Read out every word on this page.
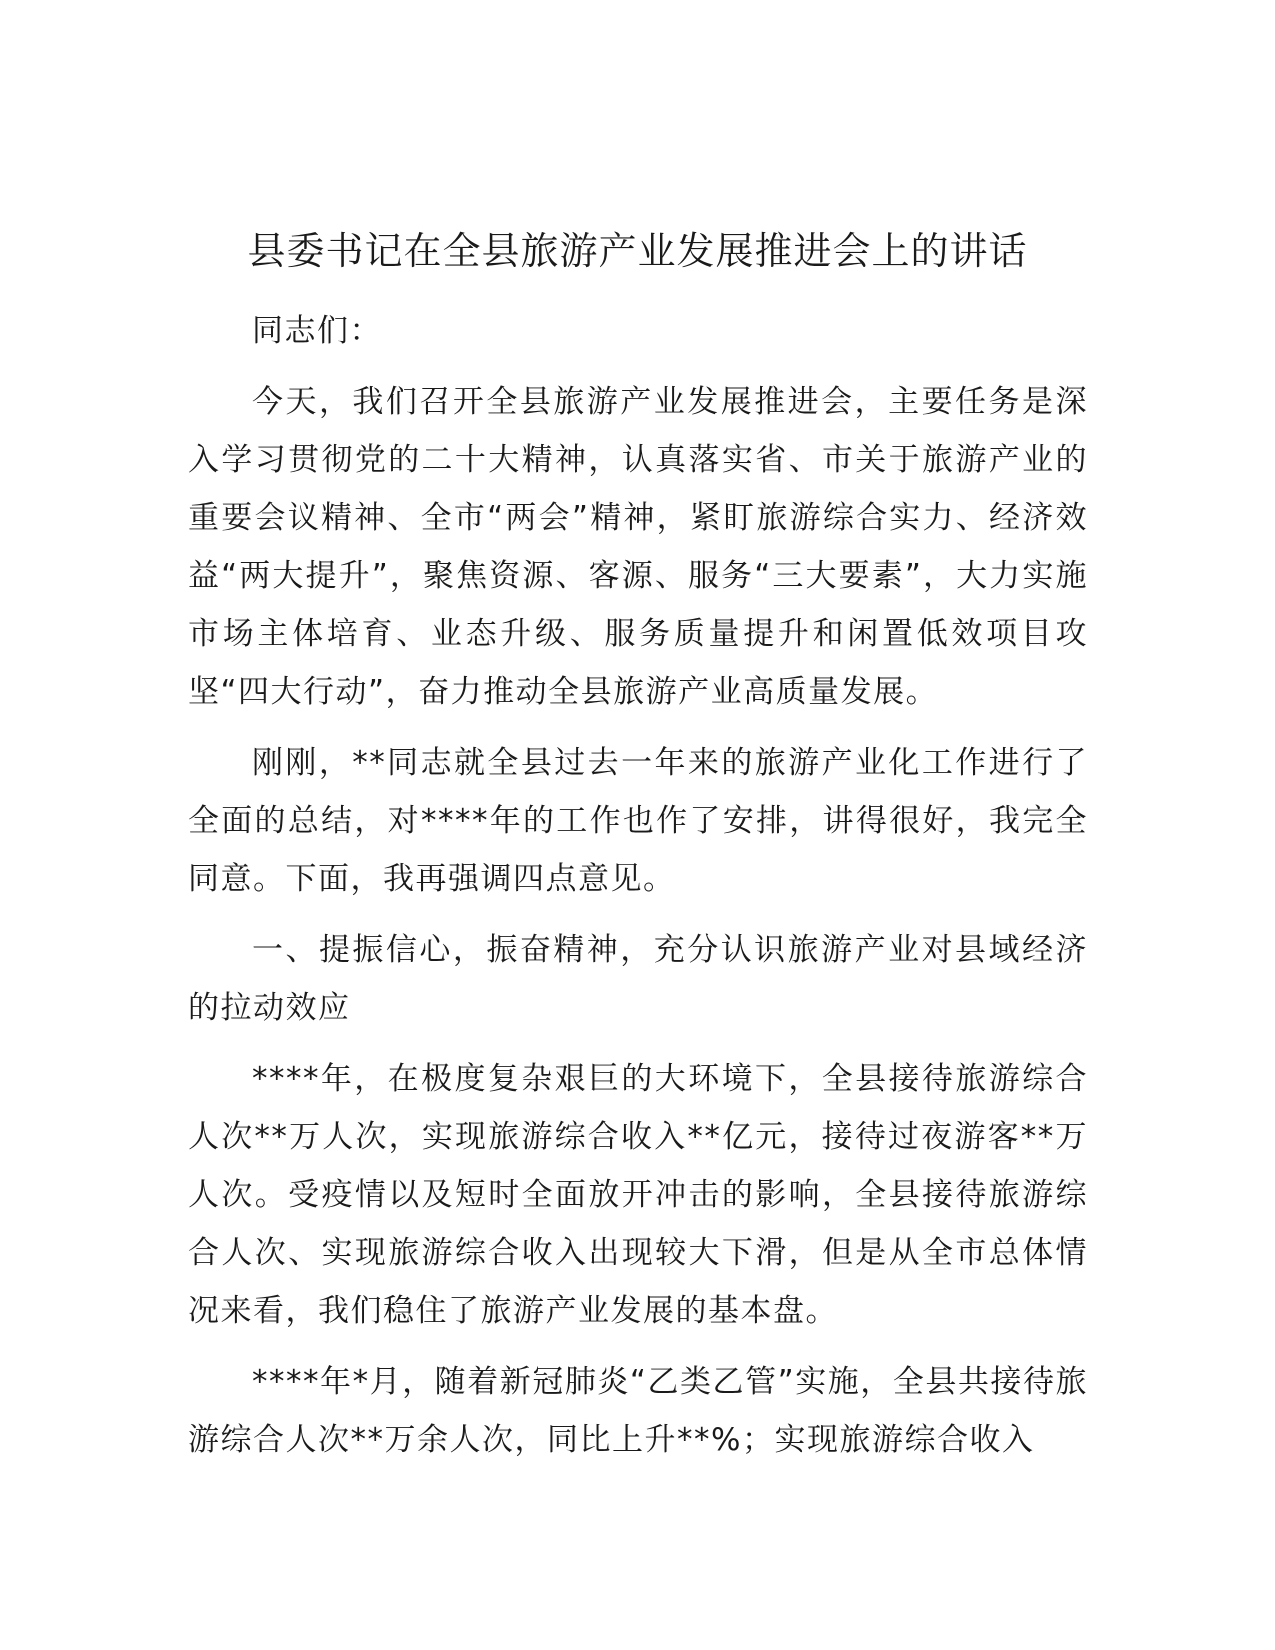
县委书记在全县旅游产业发展推进会上的讲话

同志们：

今天，我们召开全县旅游产业发展推进会，主要任务是深入学习贯彻党的二十大精神，认真落实省、市关于旅游产业的重要会议精神、全市“两会”精神，紧盯旅游综合实力、经济效益“两大提升”，聚焦资源、客源、服务“三大要素”，大力实施市场主体培育、业态升级、服务质量提升和闲置低效项目攻坚“四大行动”，奋力推动全县旅游产业高质量发展。

刚刚，**同志就全县过去一年来的旅游产业化工作进行了全面的总结，对****年的工作也作了安排，讲得很好，我完全同意。下面，我再强调四点意见。

一、提振信心，振奋精神，充分认识旅游产业对县域经济的拉动效应

****年，在极度复杂艰巨的大环境下，全县接待旅游综合人次**万人次，实现旅游综合收入**亿元，接待过夜游客**万人次。受疫情以及短时全面放开冲击的影响，全县接待旅游综合人次、实现旅游综合收入出现较大下滑，但是从全市总体情况来看，我们稳住了旅游产业发展的基本盘。

****年*月，随着新冠肺炎“乙类乙管”实施，全县共接待旅游综合人次**万余人次，同比上升**%；实现旅游综合收入
